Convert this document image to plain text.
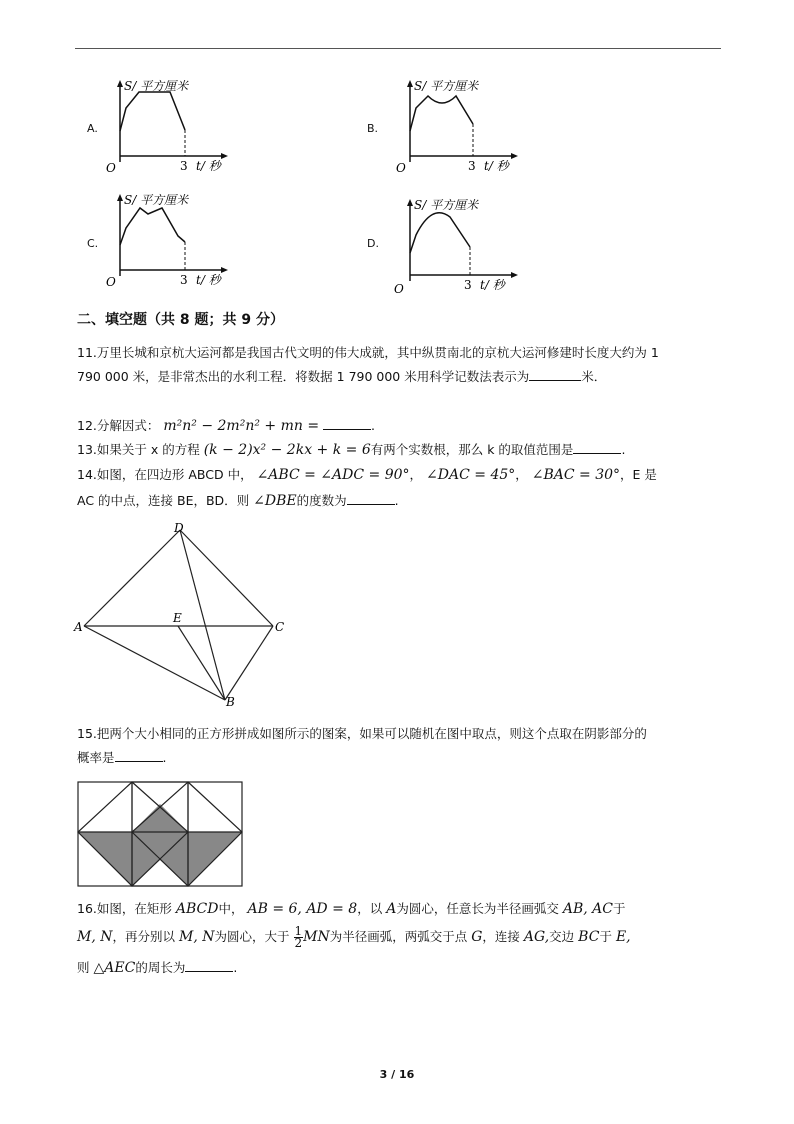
A.
S/ 平方厘米
O	3 t/ 秒
B.
S/ 平方厘米
O	3 t/ 秒
C.
S/ 平方厘米
O	3 t/ 秒
D.
S/ 平方厘米
O	3 t/ 秒
二、填空题（共 8 题；共 9 分）
11.万里长城和京杭大运河都是我国古代文明的伟大成就，其中纵贯南北的京杭大运河修建时长度大约为 1
790 000 米，是非常杰出的水利工程．将数据 1 790 000 米用科学记数法表示为	米．
12.分解因式： m²n² − 2m²n² + mn =	.
13.如果关于 x 的方程 (k − 2)x² − 2kx + k = 6有两个实数根，那么 k 的取值范围是	.
14.如图，在四边形 ABCD 中， ∠ABC = ∠ADC = 90°， ∠DAC = 45°， ∠BAC = 30°，E 是
AC 的中点，连接 BE，BD．则 ∠DBE的度数为	.
A
D
C
E
B
15.把两个大小相同的正方形拼成如图所示的图案，如果可以随机在图中取点，则这个点取在阴影部分的
概率是	.
16.如图，在矩形 ABCD中， AB = 6, AD = 8，以 A为圆心，任意长为半径画弧交 AB, AC于
M, N，再分别以 M, N为圆心，大于 $\frac{1}{2}$ MN为半径画弧，两弧交于点 G，连接 AG,交边 BC于 E,
则 △AEC的周长为	.
3 / 16
